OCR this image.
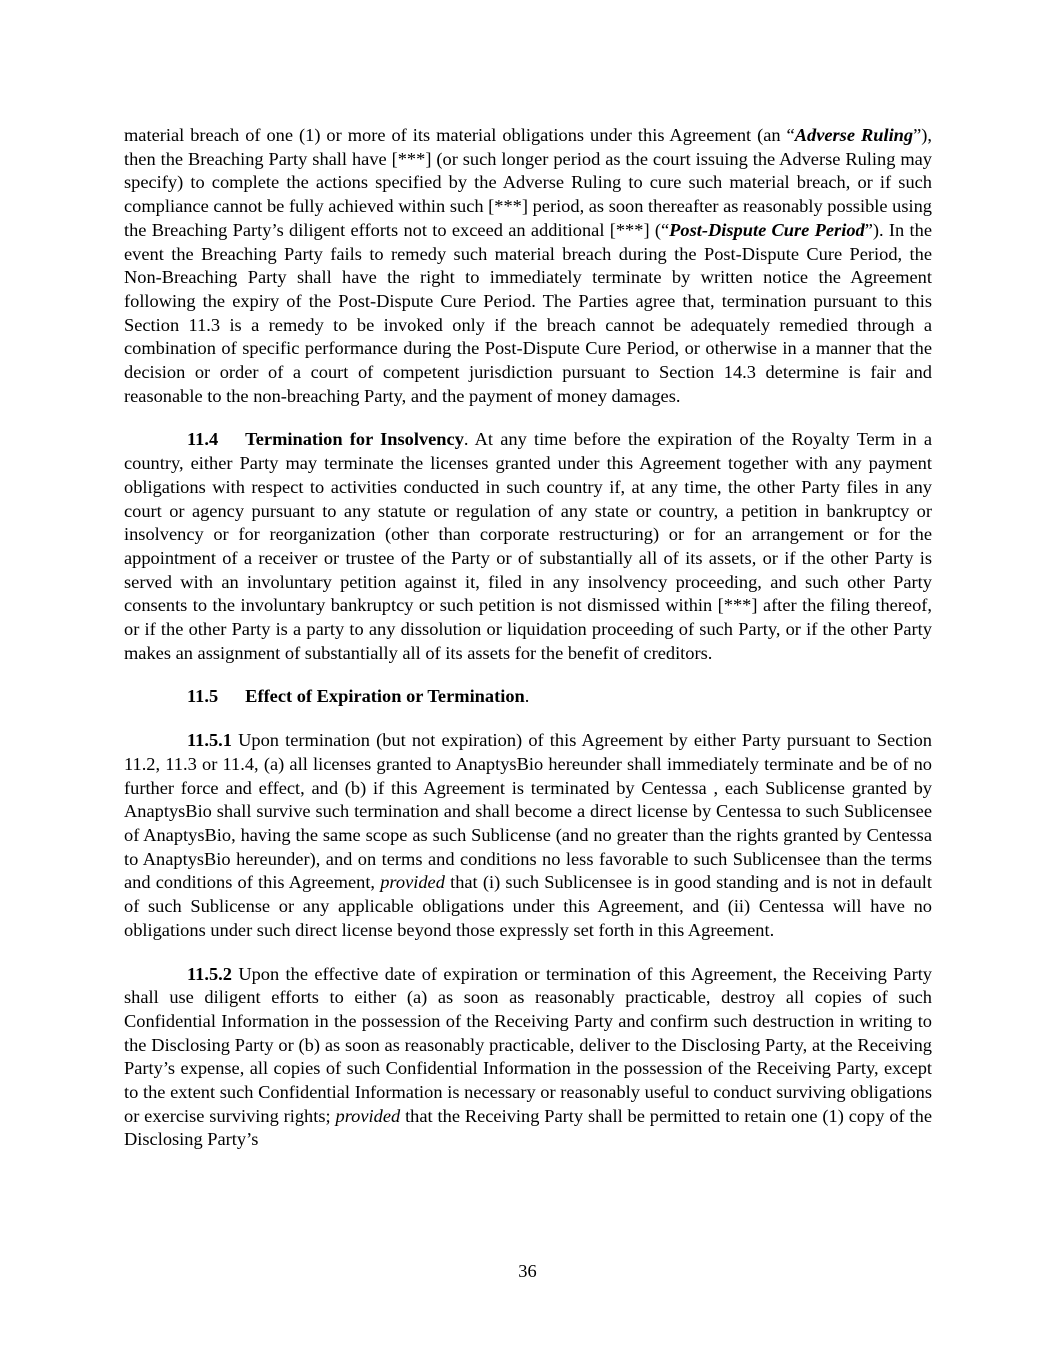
material breach of one (1) or more of its material obligations under this Agreement (an “Adverse Ruling”), then the Breaching Party shall have [***] (or such longer period as the court issuing the Adverse Ruling may specify) to complete the actions specified by the Adverse Ruling to cure such material breach, or if such compliance cannot be fully achieved within such [***] period, as soon thereafter as reasonably possible using the Breaching Party’s diligent efforts not to exceed an additional [***] (“Post-Dispute Cure Period”). In the event the Breaching Party fails to remedy such material breach during the Post-Dispute Cure Period, the Non-Breaching Party shall have the right to immediately terminate by written notice the Agreement following the expiry of the Post-Dispute Cure Period. The Parties agree that, termination pursuant to this Section 11.3 is a remedy to be invoked only if the breach cannot be adequately remedied through a combination of specific performance during the Post-Dispute Cure Period, or otherwise in a manner that the decision or order of a court of competent jurisdiction pursuant to Section 14.3 determine is fair and reasonable to the non-breaching Party, and the payment of money damages.

11.4 Termination for Insolvency. At any time before the expiration of the Royalty Term in a country, either Party may terminate the licenses granted under this Agreement together with any payment obligations with respect to activities conducted in such country if, at any time, the other Party files in any court or agency pursuant to any statute or regulation of any state or country, a petition in bankruptcy or insolvency or for reorganization (other than corporate restructuring) or for an arrangement or for the appointment of a receiver or trustee of the Party or of substantially all of its assets, or if the other Party is served with an involuntary petition against it, filed in any insolvency proceeding, and such other Party consents to the involuntary bankruptcy or such petition is not dismissed within [***] after the filing thereof, or if the other Party is a party to any dissolution or liquidation proceeding of such Party, or if the other Party makes an assignment of substantially all of its assets for the benefit of creditors.

11.5 Effect of Expiration or Termination.

11.5.1 Upon termination (but not expiration) of this Agreement by either Party pursuant to Section 11.2, 11.3 or 11.4, (a) all licenses granted to AnaptysBio hereunder shall immediately terminate and be of no further force and effect, and (b) if this Agreement is terminated by Centessa , each Sublicense granted by AnaptysBio shall survive such termination and shall become a direct license by Centessa to such Sublicensee of AnaptysBio, having the same scope as such Sublicense (and no greater than the rights granted by Centessa to AnaptysBio hereunder), and on terms and conditions no less favorable to such Sublicensee than the terms and conditions of this Agreement, provided that (i) such Sublicensee is in good standing and is not in default of such Sublicense or any applicable obligations under this Agreement, and (ii) Centessa will have no obligations under such direct license beyond those expressly set forth in this Agreement.

11.5.2 Upon the effective date of expiration or termination of this Agreement, the Receiving Party shall use diligent efforts to either (a) as soon as reasonably practicable, destroy all copies of such Confidential Information in the possession of the Receiving Party and confirm such destruction in writing to the Disclosing Party or (b) as soon as reasonably practicable, deliver to the Disclosing Party, at the Receiving Party’s expense, all copies of such Confidential Information in the possession of the Receiving Party, except to the extent such Confidential Information is necessary or reasonably useful to conduct surviving obligations or exercise surviving rights; provided that the Receiving Party shall be permitted to retain one (1) copy of the Disclosing Party’s

36
